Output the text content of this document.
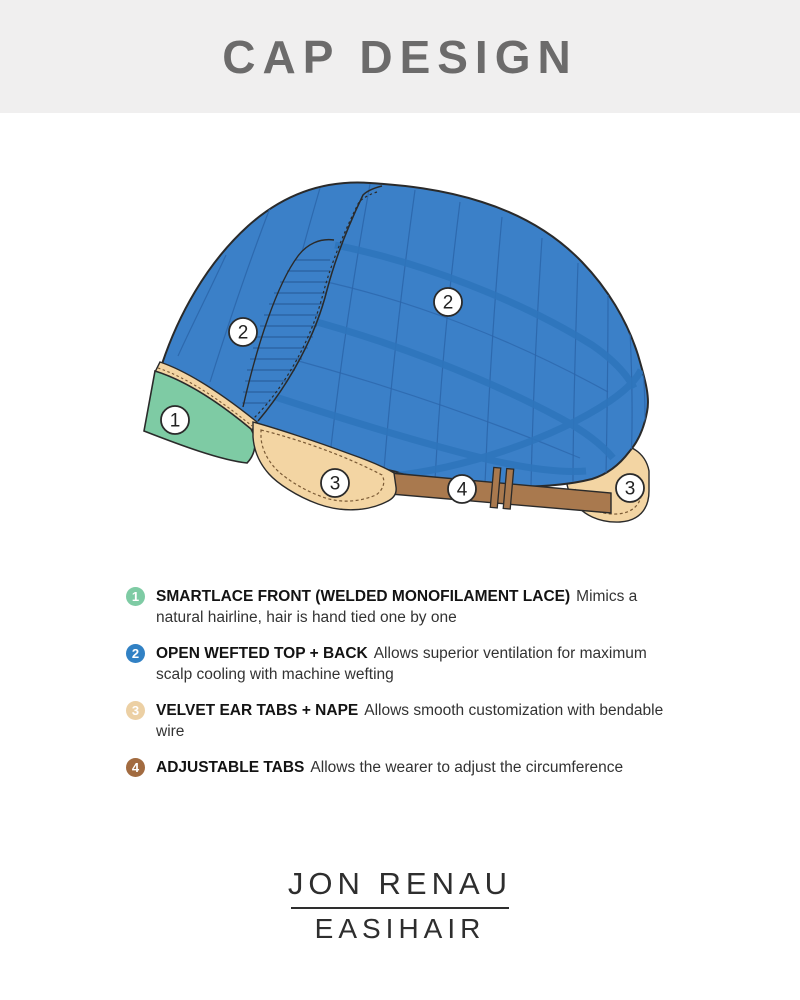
CAP DESIGN
1
2
2
3	3
4
1	SMARTLACE FRONT (WELDED MONOFILAMENT LACE) Mimics a natural hairline, hair is hand tied one by one
2	OPEN WEFTED TOP + BACK Allows superior ventilation for maximum scalp cooling with machine wefting
3	VELVET EAR TABS + NAPE Allows smooth customization with bendable wire
4	ADJUSTABLE TABS Allows the wearer to adjust the circumference
JON RENAU
EASIHAIR
